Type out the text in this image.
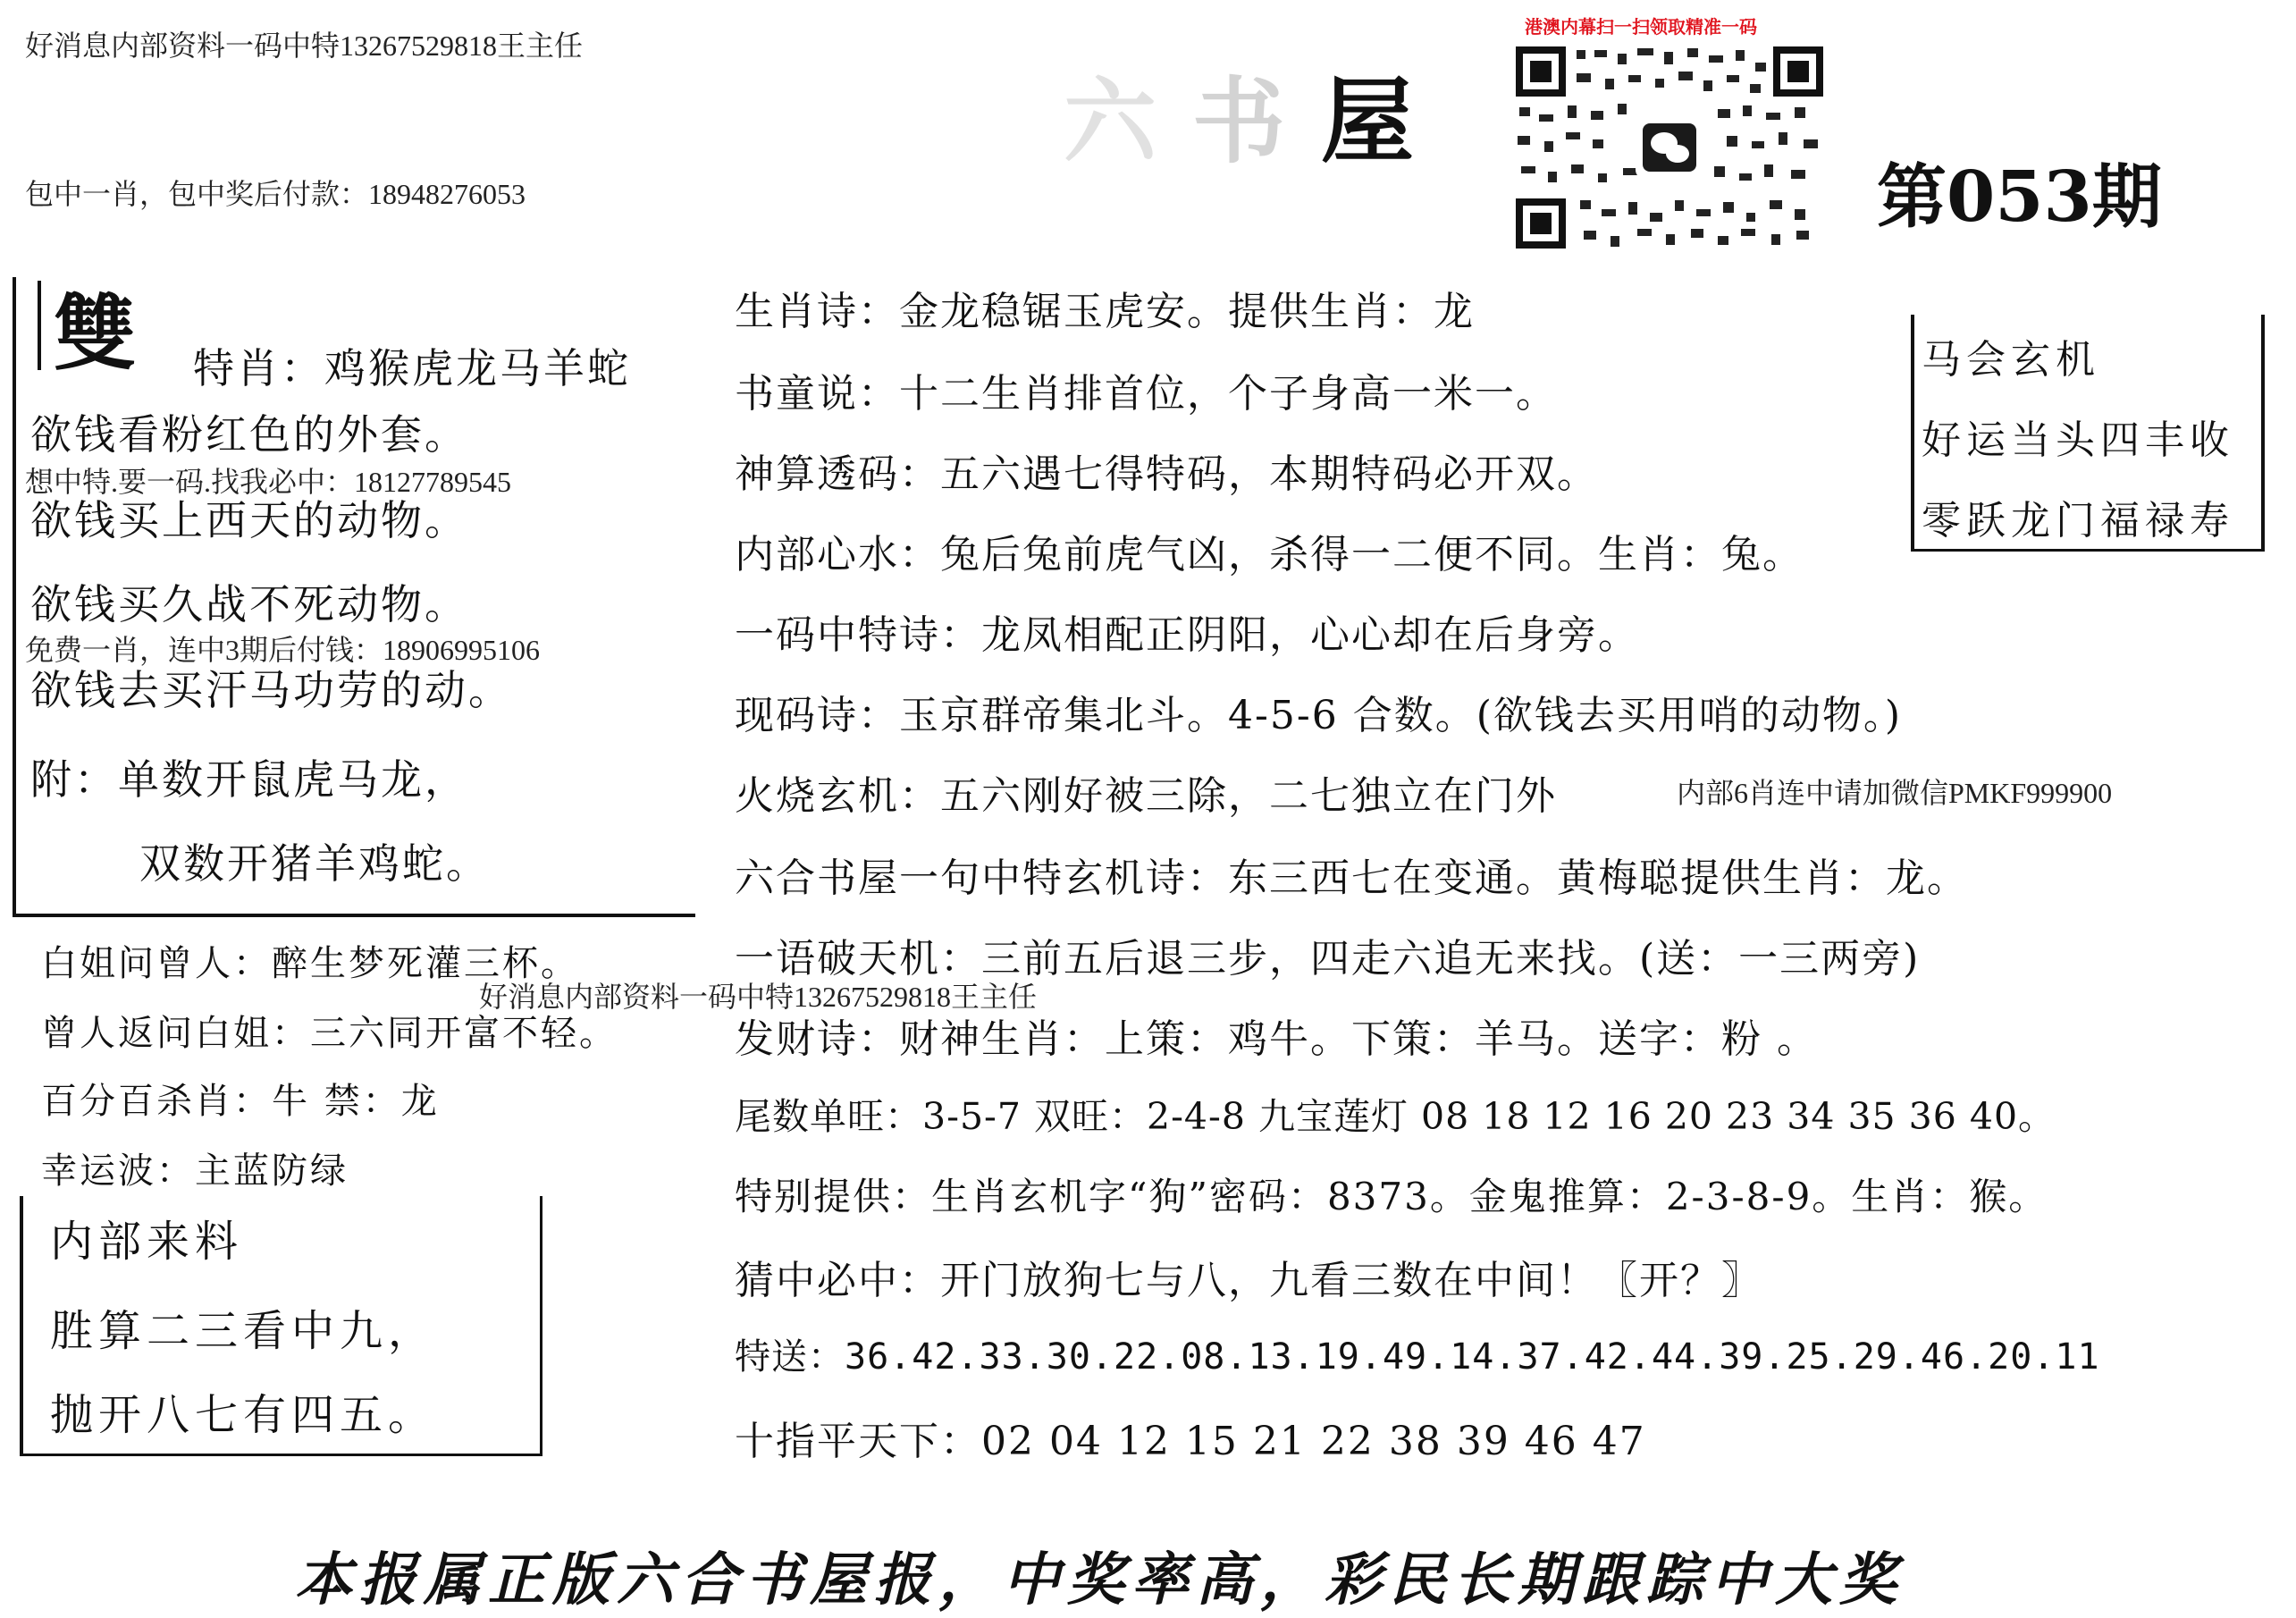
好消息内部资料一码中特13267529818王主任
包中一肖，包中奖后付款：18948276053
六书屋
港澳内幕扫一扫领取精准一码
第053期
雙 特肖：鸡猴虎龙马羊蛇
欲钱看粉红色的外套。
想中特.要一码.找我必中：18127789545
欲钱买上西天的动物。
欲钱买久战不死动物。
免费一肖，连中3期后付钱：18906995106
欲钱去买汗马功劳的动。
附：单数开鼠虎马龙，
双数开猪羊鸡蛇。
白姐问曾人：醉生梦死灌三杯。
好消息内部资料一码中特13267529818王主任
曾人返问白姐：三六同开富不轻。
百分百杀肖：牛 禁：龙
幸运波：主蓝防绿
内部来料
胜算二三看中九，
抛开八七有四五。
马会玄机
好运当头四丰收
零跃龙门福禄寿
生肖诗：金龙稳锯玉虎安。提供生肖：龙
书童说：十二生肖排首位，个子身高一米一。
神算透码：五六遇七得特码，本期特码必开双。
内部心水：兔后兔前虎气凶，杀得一二便不同。生肖：兔。
一码中特诗：龙凤相配正阴阳，心心却在后身旁。
现码诗：玉京群帝集北斗。4-5-6 合数。(欲钱去买用哨的动物。)
火烧玄机：五六刚好被三除，二七独立在门外	内部6肖连中请加微信PMKF999900
六合书屋一句中特玄机诗：东三西七在变通。黄梅聪提供生肖：龙。
一语破天机：三前五后退三步，四走六追无来找。(送：一三两旁)
发财诗：财神生肖：上策：鸡牛。下策：羊马。送字：粉 。
尾数单旺：3-5-7 双旺：2-4-8 九宝莲灯 08 18 12 16 20 23 34 35 36 40。
特别提供：生肖玄机字“狗”密码：8373。金鬼推算：2-3-8-9。生肖：猴。
猜中必中：开门放狗七与八，九看三数在中间！〖开？〗
特送：36.42.33.30.22.08.13.19.49.14.37.42.44.39.25.29.46.20.11
十指平天下：02 04 12 15 21 22 38 39 46 47
本报属正版六合书屋报，中奖率高，彩民长期跟踪中大奖
